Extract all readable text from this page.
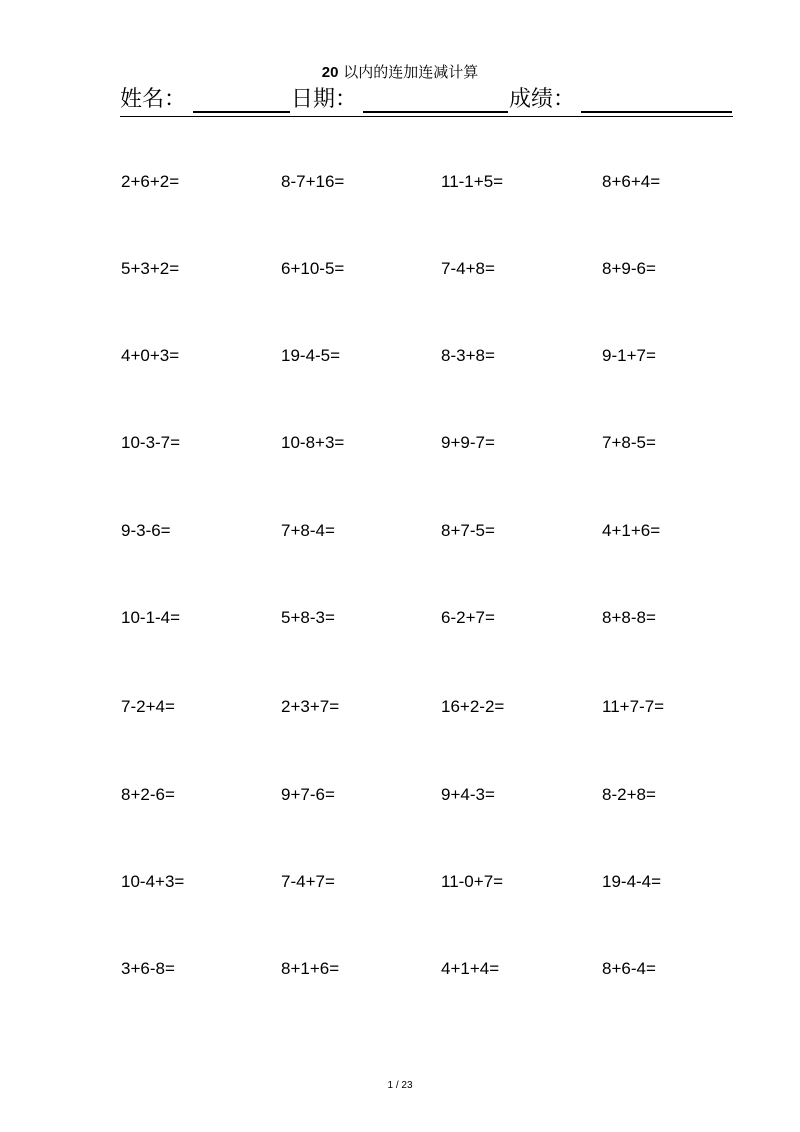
20 以内的连加连减计算
姓名：	日期：	成绩：
2+6+2=	8-7+16=	11-1+5=	8+6+4=
5+3+2=	6+10-5=	7-4+8=	8+9-6=
4+0+3=	19-4-5=	8-3+8=	9-1+7=
10-3-7=	10-8+3=	9+9-7=	7+8-5=
9-3-6=	7+8-4=	8+7-5=	4+1+6=
10-1-4=	5+8-3=	6-2+7=	8+8-8=
7-2+4=	2+3+7=	16+2-2=	11+7-7=
8+2-6=	9+7-6=	9+4-3=	8-2+8=
10-4+3=	7-4+7=	11-0+7=	19-4-4=
3+6-8=	8+1+6=	4+1+4=	8+6-4=
1 / 23
